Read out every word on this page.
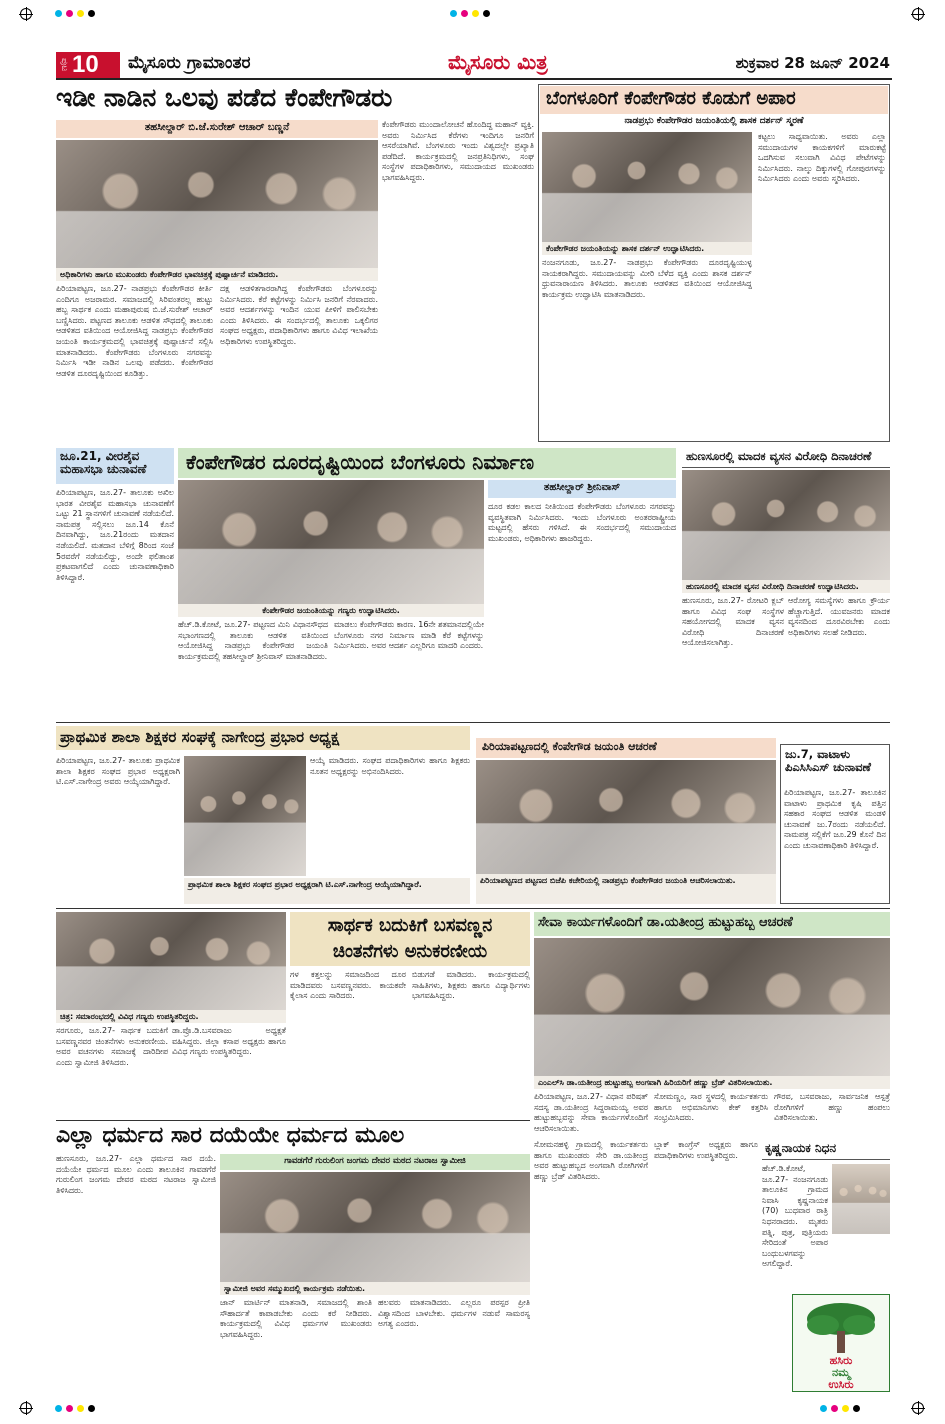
ಪುಟ 10 ಮೈಸೂರು ಗ್ರಾಮಾಂತರ	ಮೈಸೂರು ಮಿತ್ರ	ಶುಕ್ರವಾರ 28 ಜೂನ್ 2024
ಇಡೀ ನಾಡಿನ ಒಲವು ಪಡೆದ ಕೆಂಪೇಗೌಡರು
ತಹಸೀಲ್ದಾರ್ ಬಿ.ಜೆ.ಸುರೇಶ್ ಆಚಾರ್ ಬಣ್ಣನೆ
ಅಧಿಕಾರಿಗಳು ಹಾಗೂ ಮುಖಂಡರು ಕೆಂಪೇಗೌಡರ ಭಾವಚಿತ್ರಕ್ಕೆ ಪುಷ್ಪಾರ್ಚನೆ ಮಾಡಿದರು.
ಪಿರಿಯಾಪಟ್ಟಣ, ಜೂ.27- ನಾಡಪ್ರಭು ಕೆಂಪೇಗೌಡರ ಕೀರ್ತಿ ಎಂದಿಗೂ ಅಜರಾಮರ. ಸಮಾಜದಲ್ಲಿ ಸಿರಿವಂತರಲ್ಲ ಹುಟ್ಟು ಹಬ್ಬ ಸಾರ್ಥಕ ಎಂದು ಮಹಾಪುರುಷ ಬಿ.ಜೆ.ಸುರೇಶ್ ಆಚಾರ್ ಬಣ್ಣಿಸಿದರು. ಪಟ್ಟಣದ ತಾಲೂಕು ಆಡಳಿತ ಸೌಧದಲ್ಲಿ ತಾಲೂಕು ಆಡಳಿತದ ವತಿಯಿಂದ ಆಯೋಜಿಸಿದ್ದ ನಾಡಪ್ರಭು ಕೆಂಪೇಗೌಡರ ಜಯಂತಿ ಕಾರ್ಯಕ್ರಮದಲ್ಲಿ ಭಾವಚಿತ್ರಕ್ಕೆ ಪುಷ್ಪಾರ್ಚನೆ ಸಲ್ಲಿಸಿ ಮಾತನಾಡಿದರು. ಕೆಂಪೇಗೌಡರು ಬೆಂಗಳೂರು ನಗರವನ್ನು ನಿರ್ಮಿಸಿ ಇಡೀ ನಾಡಿನ ಒಲವು ಪಡೆದರು. ಕೆಂಪೇಗೌಡರ ಆಡಳಿತ ದೂರದೃಷ್ಟಿಯಿಂದ ಕೂಡಿತ್ತು.
ದಕ್ಷ ಆಡಳಿತಗಾರರಾಗಿದ್ದ ಕೆಂಪೇಗೌಡರು ಬೆಂಗಳೂರನ್ನು ನಿರ್ಮಿಸಿದರು. ಕೆರೆ ಕಟ್ಟೆಗಳನ್ನು ನಿರ್ಮಿಸಿ ಜನರಿಗೆ ನೆರವಾದರು. ಅವರ ಆದರ್ಶಗಳನ್ನು ಇಂದಿನ ಯುವ ಪೀಳಿಗೆ ಪಾಲಿಸಬೇಕು ಎಂದು ತಿಳಿಸಿದರು. ಈ ಸಂದರ್ಭದಲ್ಲಿ ತಾಲೂಕು ಒಕ್ಕಲಿಗರ ಸಂಘದ ಅಧ್ಯಕ್ಷರು, ಪದಾಧಿಕಾರಿಗಳು ಹಾಗೂ ವಿವಿಧ ಇಲಾಖೆಯ ಅಧಿಕಾರಿಗಳು ಉಪಸ್ಥಿತರಿದ್ದರು.
ಕೆಂಪೇಗೌಡರು ಮುಂದಾಲೋಚನೆ ಹೊಂದಿದ್ದ ಮಹಾನ್ ವ್ಯಕ್ತಿ. ಅವರು ನಿರ್ಮಿಸಿದ ಕೆರೆಗಳು ಇಂದಿಗೂ ಜನರಿಗೆ ಆಸರೆಯಾಗಿವೆ. ಬೆಂಗಳೂರು ಇಂದು ವಿಶ್ವದಲ್ಲೇ ಪ್ರಖ್ಯಾತಿ ಪಡೆದಿದೆ. ಕಾರ್ಯಕ್ರಮದಲ್ಲಿ ಜನಪ್ರತಿನಿಧಿಗಳು, ಸಂಘ ಸಂಸ್ಥೆಗಳ ಪದಾಧಿಕಾರಿಗಳು, ಸಮುದಾಯದ ಮುಖಂಡರು ಭಾಗವಹಿಸಿದ್ದರು.
ಬೆಂಗಳೂರಿಗೆ ಕೆಂಪೇಗೌಡರ ಕೊಡುಗೆ ಅಪಾರ
ನಾಡಪ್ರಭು ಕೆಂಪೇಗೌಡರ ಜಯಂತಿಯಲ್ಲಿ ಶಾಸಕ ದರ್ಶನ್ ಸ್ಮರಣೆ
ಕೆಂಪೇಗೌಡರ ಜಯಂತಿಯನ್ನು ಶಾಸಕ ದರ್ಶನ್ ಉದ್ಘಾಟಿಸಿದರು.
ನಂಜನಗೂಡು, ಜೂ.27- ನಾಡಪ್ರಭು ಕೆಂಪೇಗೌಡರು ದೂರದೃಷ್ಟಿಯುಳ್ಳ ನಾಯಕರಾಗಿದ್ದರು. ಸಮುದಾಯವನ್ನು ಮೀರಿ ಬೆಳೆದ ವ್ಯಕ್ತಿ ಎಂದು ಶಾಸಕ ದರ್ಶನ್ ಧ್ರುವನಾರಾಯಣ ತಿಳಿಸಿದರು. ತಾಲೂಕು ಆಡಳಿತದ ವತಿಯಿಂದ ಆಯೋಜಿಸಿದ್ದ ಕಾರ್ಯಕ್ರಮ ಉದ್ಘಾಟಿಸಿ ಮಾತನಾಡಿದರು.
ಕಟ್ಟಲು ಸಾಧ್ಯವಾಯಿತು. ಅವರು ಎಲ್ಲಾ ಸಮುದಾಯಗಳ ಕಾಯಕಗಳಿಗೆ ಮಾರುಕಟ್ಟೆ ಒದಗಿಸುವ ಸಲುವಾಗಿ ವಿವಿಧ ಪೇಟೆಗಳನ್ನು ನಿರ್ಮಿಸಿದರು. ನಾಲ್ಕು ದಿಕ್ಕುಗಳಲ್ಲಿ ಗೋಪುರಗಳನ್ನು ನಿರ್ಮಿಸಿದರು ಎಂದು ಅವರು ಸ್ಮರಿಸಿದರು.
ಜೂ.21, ವೀರಶೈವ ಮಹಾಸಭಾ ಚುನಾವಣೆ
ಪಿರಿಯಾಪಟ್ಟಣ, ಜೂ.27- ತಾಲೂಕು ಅಖಿಲ ಭಾರತ ವೀರಶೈವ ಮಹಾಸಭಾ ಚುನಾವಣೆಗೆ ಒಟ್ಟು 21 ಸ್ಥಾನಗಳಿಗೆ ಚುನಾವಣೆ ನಡೆಯಲಿದೆ. ನಾಮಪತ್ರ ಸಲ್ಲಿಸಲು ಜೂ.14 ಕೊನೆ ದಿನವಾಗಿದ್ದು, ಜೂ.21ರಂದು ಮತದಾನ ನಡೆಯಲಿದೆ. ಮತದಾನ ಬೆಳಿಗ್ಗೆ 8ರಿಂದ ಸಂಜೆ 5ರವರೆಗೆ ನಡೆಯಲಿದ್ದು, ಅಂದೇ ಫಲಿತಾಂಶ ಪ್ರಕಟವಾಗಲಿದೆ ಎಂದು ಚುನಾವಣಾಧಿಕಾರಿ ತಿಳಿಸಿದ್ದಾರೆ.
ಕೆಂಪೇಗೌಡರ ದೂರದೃಷ್ಟಿಯಿಂದ ಬೆಂಗಳೂರು ನಿರ್ಮಾಣ
ಕೆಂಪೇಗೌಡರ ಜಯಂತಿಯನ್ನು ಗಣ್ಯರು ಉದ್ಘಾಟಿಸಿದರು.
ತಹಸೀಲ್ದಾರ್ ಶ್ರೀನಿವಾಸ್
ಹೆಚ್.ಡಿ.ಕೋಟೆ, ಜೂ.27- ಪಟ್ಟಣದ ಮಿನಿ ವಿಧಾನಸೌಧದ ಸಭಾಂಗಣದಲ್ಲಿ ತಾಲೂಕು ಆಡಳಿತ ವತಿಯಿಂದ ಆಯೋಜಿಸಿದ್ದ ನಾಡಪ್ರಭು ಕೆಂಪೇಗೌಡರ ಜಯಂತಿ ಕಾರ್ಯಕ್ರಮದಲ್ಲಿ ತಹಸೀಲ್ದಾರ್ ಶ್ರೀನಿವಾಸ್ ಮಾತನಾಡಿದರು.
ಮಾಡಲು ಕೆಂಪೇಗೌಡರು ಕಾರಣ. 16ನೇ ಶತಮಾನದಲ್ಲಿಯೇ ಬೆಂಗಳೂರು ನಗರ ನಿರ್ಮಾಣ ಮಾಡಿ ಕೆರೆ ಕಟ್ಟೆಗಳನ್ನು ನಿರ್ಮಿಸಿದರು. ಅವರ ಆದರ್ಶ ಎಲ್ಲರಿಗೂ ಮಾದರಿ ಎಂದರು.
ದೂರ ಕಡಲ ಕಾಲದ ನೀತಿಯಿಂದ ಕೆಂಪೇಗೌಡರು ಬೆಂಗಳೂರು ನಗರವನ್ನು ವ್ಯವಸ್ಥಿತವಾಗಿ ನಿರ್ಮಿಸಿದರು. ಇಂದು ಬೆಂಗಳೂರು ಅಂತರರಾಷ್ಟ್ರೀಯ ಮಟ್ಟದಲ್ಲಿ ಹೆಸರು ಗಳಿಸಿದೆ. ಈ ಸಂದರ್ಭದಲ್ಲಿ ಸಮುದಾಯದ ಮುಖಂಡರು, ಅಧಿಕಾರಿಗಳು ಹಾಜರಿದ್ದರು.
ಹುಣಸೂರಲ್ಲಿ ಮಾದಕ ವ್ಯಸನ ವಿರೋಧಿ ದಿನಾಚರಣೆ
ಹುಣಸೂರಲ್ಲಿ ಮಾದಕ ವ್ಯಸನ ವಿರೋಧಿ ದಿನಾಚರಣೆ ಉದ್ಘಾಟಿಸಿದರು.
ಹುಣಸೂರು, ಜೂ.27- ರೋಟರಿ ಕ್ಲಬ್ ಹಾಗೂ ವಿವಿಧ ಸಂಘ ಸಂಸ್ಥೆಗಳ ಸಹಯೋಗದಲ್ಲಿ ಮಾದಕ ವ್ಯಸನ ವಿರೋಧಿ ದಿನಾಚರಣೆ ಆಯೋಜಿಸಲಾಗಿತ್ತು.
ಆರೋಗ್ಯ ಸಮಸ್ಯೆಗಳು ಹಾಗೂ ಕ್ರೌರ್ಯ ಹೆಚ್ಚಾಗುತ್ತಿದೆ. ಯುವಜನರು ಮಾದಕ ವ್ಯಸನದಿಂದ ದೂರವಿರಬೇಕು ಎಂದು ಅಧಿಕಾರಿಗಳು ಸಲಹೆ ನೀಡಿದರು.
ಪ್ರಾಥಮಿಕ ಶಾಲಾ ಶಿಕ್ಷಕರ ಸಂಘಕ್ಕೆ ನಾಗೇಂದ್ರ ಪ್ರಭಾರ ಅಧ್ಯಕ್ಷ
ಪಿರಿಯಾಪಟ್ಟಣ, ಜೂ.27- ತಾಲೂಕು ಪ್ರಾಥಮಿಕ ಶಾಲಾ ಶಿಕ್ಷಕರ ಸಂಘದ ಪ್ರಭಾರ ಅಧ್ಯಕ್ಷರಾಗಿ ಟಿ.ಎಸ್.ನಾಗೇಂದ್ರ ಅವರು ಆಯ್ಕೆಯಾಗಿದ್ದಾರೆ.
ಪ್ರಾಥಮಿಕ ಶಾಲಾ ಶಿಕ್ಷಕರ ಸಂಘದ ಪ್ರಭಾರ ಅಧ್ಯಕ್ಷರಾಗಿ ಟಿ.ಎಸ್.ನಾಗೇಂದ್ರ ಆಯ್ಕೆಯಾಗಿದ್ದಾರೆ.
ಆಯ್ಕೆ ಮಾಡಿದರು. ಸಂಘದ ಪದಾಧಿಕಾರಿಗಳು ಹಾಗೂ ಶಿಕ್ಷಕರು ನೂತನ ಅಧ್ಯಕ್ಷರನ್ನು ಅಭಿನಂದಿಸಿದರು.
ಪಿರಿಯಾಪಟ್ಟಣದಲ್ಲಿ ಕೆಂಪೇಗೌಡ ಜಯಂತಿ ಆಚರಣೆ
ಪಿರಿಯಾಪಟ್ಟಣದ ಪಟ್ಟಣದ ಬಿಜೆಪಿ ಕಚೇರಿಯಲ್ಲಿ ನಾಡಪ್ರಭು ಕೆಂಪೇಗೌಡರ ಜಯಂತಿ ಆಚರಿಸಲಾಯಿತು.
ಜು.7, ವಾಟಾಳು ಪಿಎಸಿಸಿಎಸ್ ಚುನಾವಣೆ
ಪಿರಿಯಾಪಟ್ಟಣ, ಜೂ.27- ತಾಲೂಕಿನ ವಾಟಾಳು ಪ್ರಾಥಮಿಕ ಕೃಷಿ ಪತ್ತಿನ ಸಹಕಾರ ಸಂಘದ ಆಡಳಿತ ಮಂಡಳಿ ಚುನಾವಣೆ ಜು.7ರಂದು ನಡೆಯಲಿದೆ. ನಾಮಪತ್ರ ಸಲ್ಲಿಕೆಗೆ ಜೂ.29 ಕೊನೆ ದಿನ ಎಂದು ಚುನಾವಣಾಧಿಕಾರಿ ತಿಳಿಸಿದ್ದಾರೆ.
ಚಿತ್ರ: ಸಮಾರಂಭದಲ್ಲಿ ವಿವಿಧ ಗಣ್ಯರು ಉಪಸ್ಥಿತರಿದ್ದರು.
ಸಾರ್ಥಕ ಬದುಕಿಗೆ ಬಸವಣ್ಣನ
ಚಿಂತನೆಗಳು ಅನುಕರಣೀಯ
ಸರಗೂರು, ಜೂ.27- ಸಾರ್ಥಕ ಬದುಕಿಗೆ ಬಸವಣ್ಣನವರ ಚಿಂತನೆಗಳು ಅನುಕರಣೀಯ. ಅವರ ವಚನಗಳು ಸಮಾಜಕ್ಕೆ ದಾರಿದೀಪ ಎಂದು ಸ್ವಾಮೀಜಿ ತಿಳಿಸಿದರು.
ಡಾ.ಪ್ರೊ.ಡಿ.ಬಸವರಾಜು ಅಧ್ಯಕ್ಷತೆ ವಹಿಸಿದ್ದರು. ಜಿಲ್ಲಾ ಕಸಾಪ ಅಧ್ಯಕ್ಷರು ಹಾಗೂ ವಿವಿಧ ಗಣ್ಯರು ಉಪಸ್ಥಿತರಿದ್ದರು.
ಗಳ ಕತ್ತಲನ್ನು ಸಮಾಜದಿಂದ ದೂರ ಮಾಡಿದವರು ಬಸವಣ್ಣನವರು. ಕಾಯಕವೇ ಕೈಲಾಸ ಎಂದು ಸಾರಿದರು.
ಬಿಡುಗಡೆ ಮಾಡಿದರು. ಕಾರ್ಯಕ್ರಮದಲ್ಲಿ ಸಾಹಿತಿಗಳು, ಶಿಕ್ಷಕರು ಹಾಗೂ ವಿದ್ಯಾರ್ಥಿಗಳು ಭಾಗವಹಿಸಿದ್ದರು.
ಸೇವಾ ಕಾರ್ಯಗಳೊಂದಿಗೆ ಡಾ.ಯತೀಂದ್ರ ಹುಟ್ಟುಹಬ್ಬ ಆಚರಣೆ
ಎಂಎಲ್‌ಸಿ ಡಾ.ಯತೀಂದ್ರ ಹುಟ್ಟುಹಬ್ಬ ಅಂಗವಾಗಿ ಹಿರಿಯರಿಗೆ ಹಣ್ಣು ಬ್ರೆಡ್ ವಿತರಿಸಲಾಯಿತು.
ಪಿರಿಯಾಪಟ್ಟಣ, ಜೂ.27- ವಿಧಾನ ಪರಿಷತ್ ಸದಸ್ಯ ಡಾ.ಯತೀಂದ್ರ ಸಿದ್ದರಾಮಯ್ಯ ಅವರ ಹುಟ್ಟುಹಬ್ಬವನ್ನು ಸೇವಾ ಕಾರ್ಯಗಳೊಂದಿಗೆ ಆಚರಿಸಲಾಯಿತು.
ಸೋಮಣ್ಣಂ, ಸಾರ ಸ್ಥಳದಲ್ಲಿ ಕಾರ್ಯಕರ್ತರು ಹಾಗೂ ಅಭಿಮಾನಿಗಳು ಕೇಕ್ ಕತ್ತರಿಸಿ ಸಂಭ್ರಮಿಸಿದರು.
ಗೌರವ, ಬಸವರಾಜು, ಸಾರ್ವಜನಿಕ ಆಸ್ಪತ್ರೆ ರೋಗಿಗಳಿಗೆ ಹಣ್ಣು ಹಂಪಲು ವಿತರಿಸಲಾಯಿತು.
ಎಲ್ಲಾ ಧರ್ಮದ ಸಾರ ದಯೆಯೇ ಧರ್ಮದ ಮೂಲ
ಹುಣಸೂರು, ಜೂ.27- ಎಲ್ಲಾ ಧರ್ಮದ ಸಾರ ದಯೆ. ದಯೆಯೇ ಧರ್ಮದ ಮೂಲ ಎಂದು ತಾಲೂಕಿನ ಗಾವಡಗೆರೆ ಗುರುಲಿಂಗ ಜಂಗಮ ದೇವರ ಮಠದ ನಟರಾಜ ಸ್ವಾಮೀಜಿ ತಿಳಿಸಿದರು.
ಗಾವಡಗೆರೆ ಗುರುಲಿಂಗ ಜಂಗಮ ದೇವರ ಮಠದ ನಟರಾಜ ಸ್ವಾಮೀಜಿ
ಸ್ವಾಮೀಜಿ ಅವರ ಸಮ್ಮುಖದಲ್ಲಿ ಕಾರ್ಯಕ್ರಮ ನಡೆಯಿತು.
ಜಾನ್ ಮಾರ್ಟಿನ್ ಮಾತನಾಡಿ, ಸಮಾಜದಲ್ಲಿ ಶಾಂತಿ ಸೌಹಾರ್ದತೆ ಕಾಪಾಡಬೇಕು ಎಂದು ಕರೆ ನೀಡಿದರು. ಕಾರ್ಯಕ್ರಮದಲ್ಲಿ ವಿವಿಧ ಧರ್ಮಗಳ ಮುಖಂಡರು ಭಾಗವಹಿಸಿದ್ದರು.
ಹಲವರು ಮಾತನಾಡಿದರು. ಎಲ್ಲರೂ ಪರಸ್ಪರ ಪ್ರೀತಿ ವಿಶ್ವಾಸದಿಂದ ಬಾಳಬೇಕು. ಧರ್ಮಗಳ ನಡುವೆ ಸಾಮರಸ್ಯ ಅಗತ್ಯ ಎಂದರು.
ಸೋಮನಹಳ್ಳಿ ಗ್ರಾಮದಲ್ಲಿ ಕಾರ್ಯಕರ್ತರು ಹಾಗೂ ಮುಖಂಡರು ಸೇರಿ ಡಾ.ಯತೀಂದ್ರ ಅವರ ಹುಟ್ಟುಹಬ್ಬದ ಅಂಗವಾಗಿ ರೋಗಿಗಳಿಗೆ ಹಣ್ಣು ಬ್ರೆಡ್ ವಿತರಿಸಿದರು.
ಬ್ಲಾಕ್ ಕಾಂಗ್ರೆಸ್ ಅಧ್ಯಕ್ಷರು ಹಾಗೂ ಪದಾಧಿಕಾರಿಗಳು ಉಪಸ್ಥಿತರಿದ್ದರು.
ಕೃಷ್ಣನಾಯಕ ನಿಧನ
ಹೆಚ್.ಡಿ.ಕೋಟೆ, ಜೂ.27- ನಂಜನಗೂಡು ತಾಲೂಕಿನ ಗ್ರಾಮದ ನಿವಾಸಿ ಕೃಷ್ಣನಾಯಕ (70) ಬುಧವಾರ ರಾತ್ರಿ ನಿಧನರಾದರು. ಮೃತರು ಪತ್ನಿ, ಪುತ್ರ, ಪುತ್ರಿಯರು ಸೇರಿದಂತೆ ಅಪಾರ ಬಂಧುಬಳಗವನ್ನು ಅಗಲಿದ್ದಾರೆ.
ಹಸಿರು
ನಮ್ಮ
ಉಸಿರು
